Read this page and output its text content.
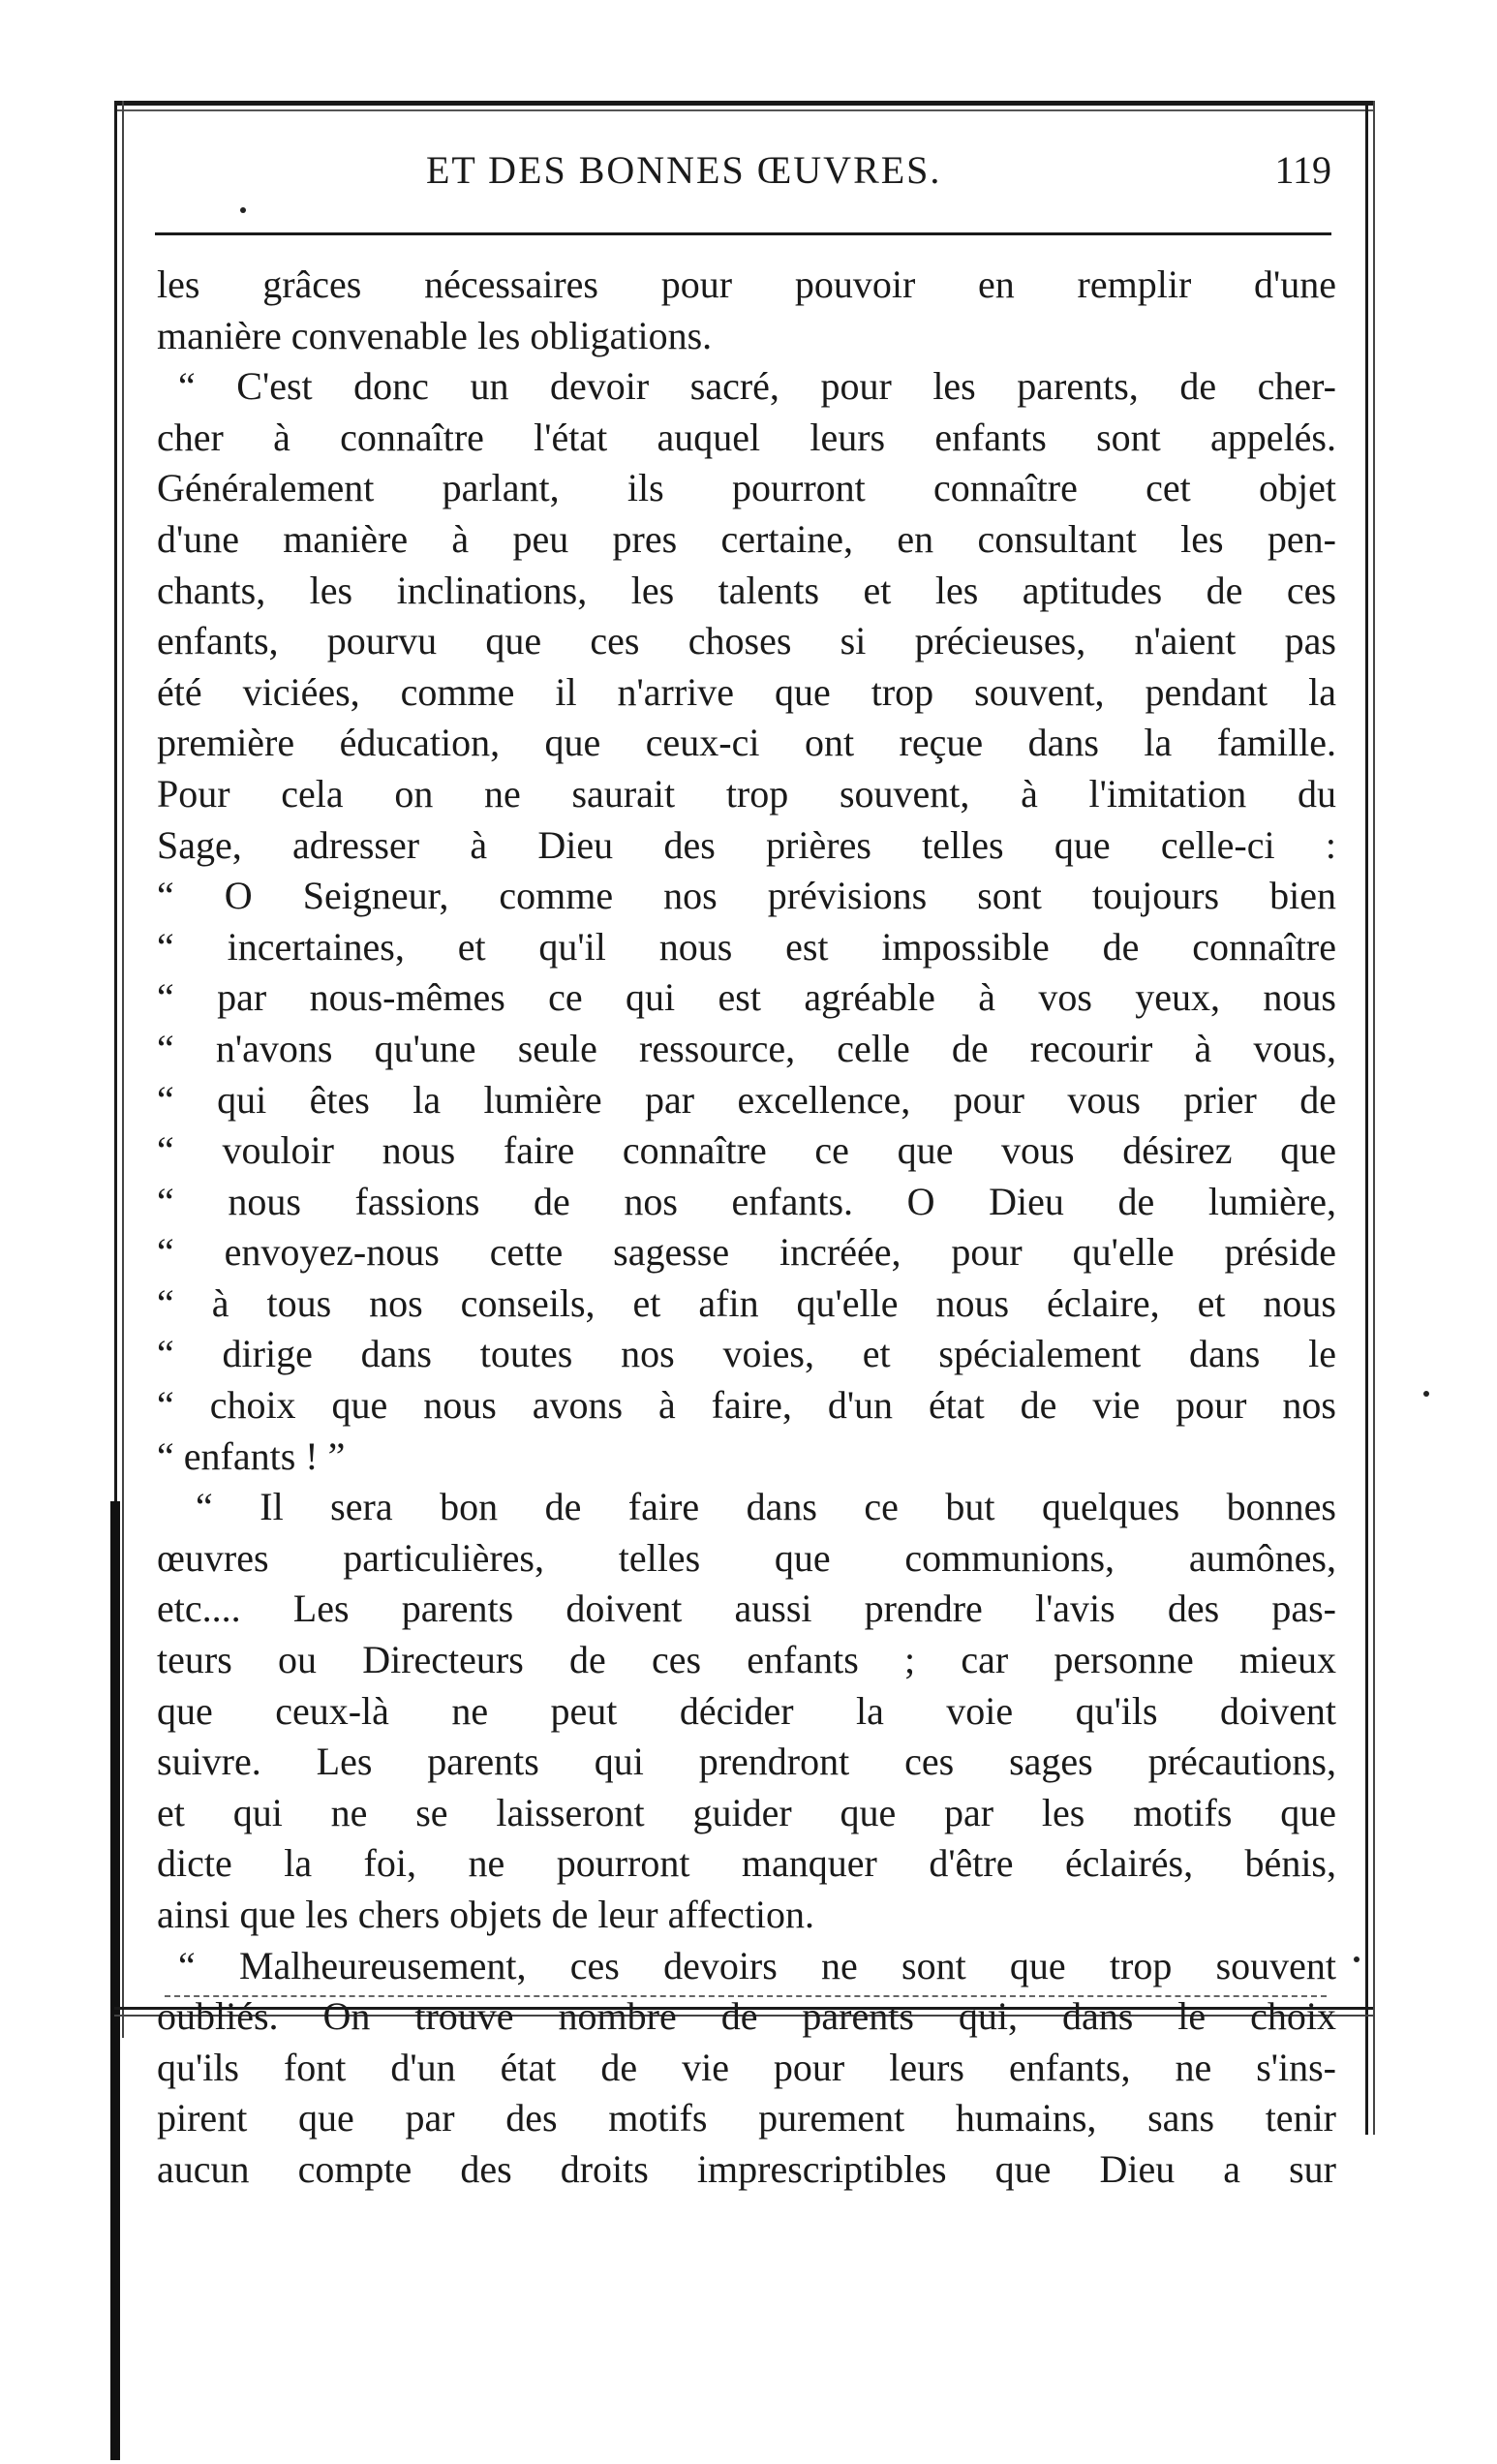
ET DES BONNES ŒUVRES.	119
les grâces nécessaires pour pouvoir en remplir d'une
manière convenable les obligations.
“ C'est donc un devoir sacré, pour les parents, de cher-
cher à connaître l'état auquel leurs enfants sont appelés.
Généralement parlant, ils pourront connaître cet objet
d'une manière à peu pres certaine, en consultant les pen-
chants, les inclinations, les talents et les aptitudes de ces
enfants, pourvu que ces choses si précieuses, n'aient pas
été viciées, comme il n'arrive que trop souvent, pendant la
première éducation, que ceux-ci ont reçue dans la famille.
Pour cela on ne saurait trop souvent, à l'imitation du
Sage, adresser à Dieu des prières telles que celle-ci :
“ O Seigneur, comme nos prévisions sont toujours bien
“ incertaines, et qu'il nous est impossible de connaître
“ par nous-mêmes ce qui est agréable à vos yeux, nous
“ n'avons qu'une seule ressource, celle de recourir à vous,
“ qui êtes la lumière par excellence, pour vous prier de
“ vouloir nous faire connaître ce que vous désirez que
“ nous fassions de nos enfants. O Dieu de lumière,
“ envoyez-nous cette sagesse incréée, pour qu'elle préside
“ à tous nos conseils, et afin qu'elle nous éclaire, et nous
“ dirige dans toutes nos voies, et spécialement dans le
“ choix que nous avons à faire, d'un état de vie pour nos
“ enfants ! ”
“ Il sera bon de faire dans ce but quelques bonnes
œuvres particulières, telles que communions, aumônes,
etc.... Les parents doivent aussi prendre l'avis des pas-
teurs ou Directeurs de ces enfants ; car personne mieux
que ceux-là ne peut décider la voie qu'ils doivent
suivre. Les parents qui prendront ces sages précautions,
et qui ne se laisseront guider que par les motifs que
dicte la foi, ne pourront manquer d'être éclairés, bénis,
ainsi que les chers objets de leur affection.
“ Malheureusement, ces devoirs ne sont que trop souvent
oubliés. On trouve nombre de parents qui, dans le choix
qu'ils font d'un état de vie pour leurs enfants, ne s'ins-
pirent que par des motifs purement humains, sans tenir
aucun compte des droits imprescriptibles que Dieu a sur
